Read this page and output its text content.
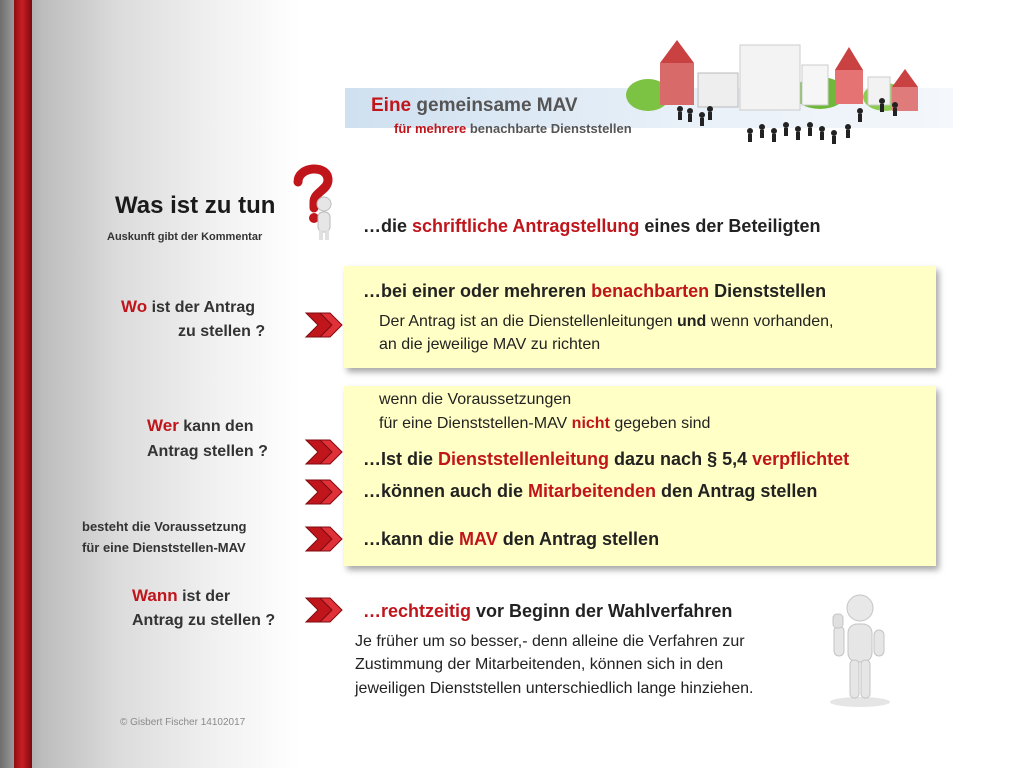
Eine gemeinsame MAV
für mehrere benachbarte Dienststellen
Was ist zu tun
Auskunft gibt der Kommentar
…die schriftliche Antragstellung eines der Beteiligten
Wo ist der Antrag
zu stellen ?
…bei einer oder mehreren benachbarten Dienststellen
Der Antrag ist an die Dienstellenleitungen und wenn vorhanden,
an die jeweilige MAV zu richten
Wer kann den
Antrag stellen ?
wenn die Voraussetzungen
für eine Dienststellen-MAV nicht gegeben sind
…Ist die Dienststellenleitung dazu nach § 5,4 verpflichtet
…können auch die Mitarbeitenden den Antrag stellen
besteht die Voraussetzung
für eine Dienststellen-MAV	…kann die MAV den Antrag stellen
Wann ist der
Antrag zu stellen ?	…rechtzeitig vor Beginn der Wahlverfahren
Je früher um so besser,- denn alleine die Verfahren zur
Zustimmung der Mitarbeitenden, können sich in den
jeweiligen Dienststellen unterschiedlich lange hinziehen.
© Gisbert Fischer 14102017
